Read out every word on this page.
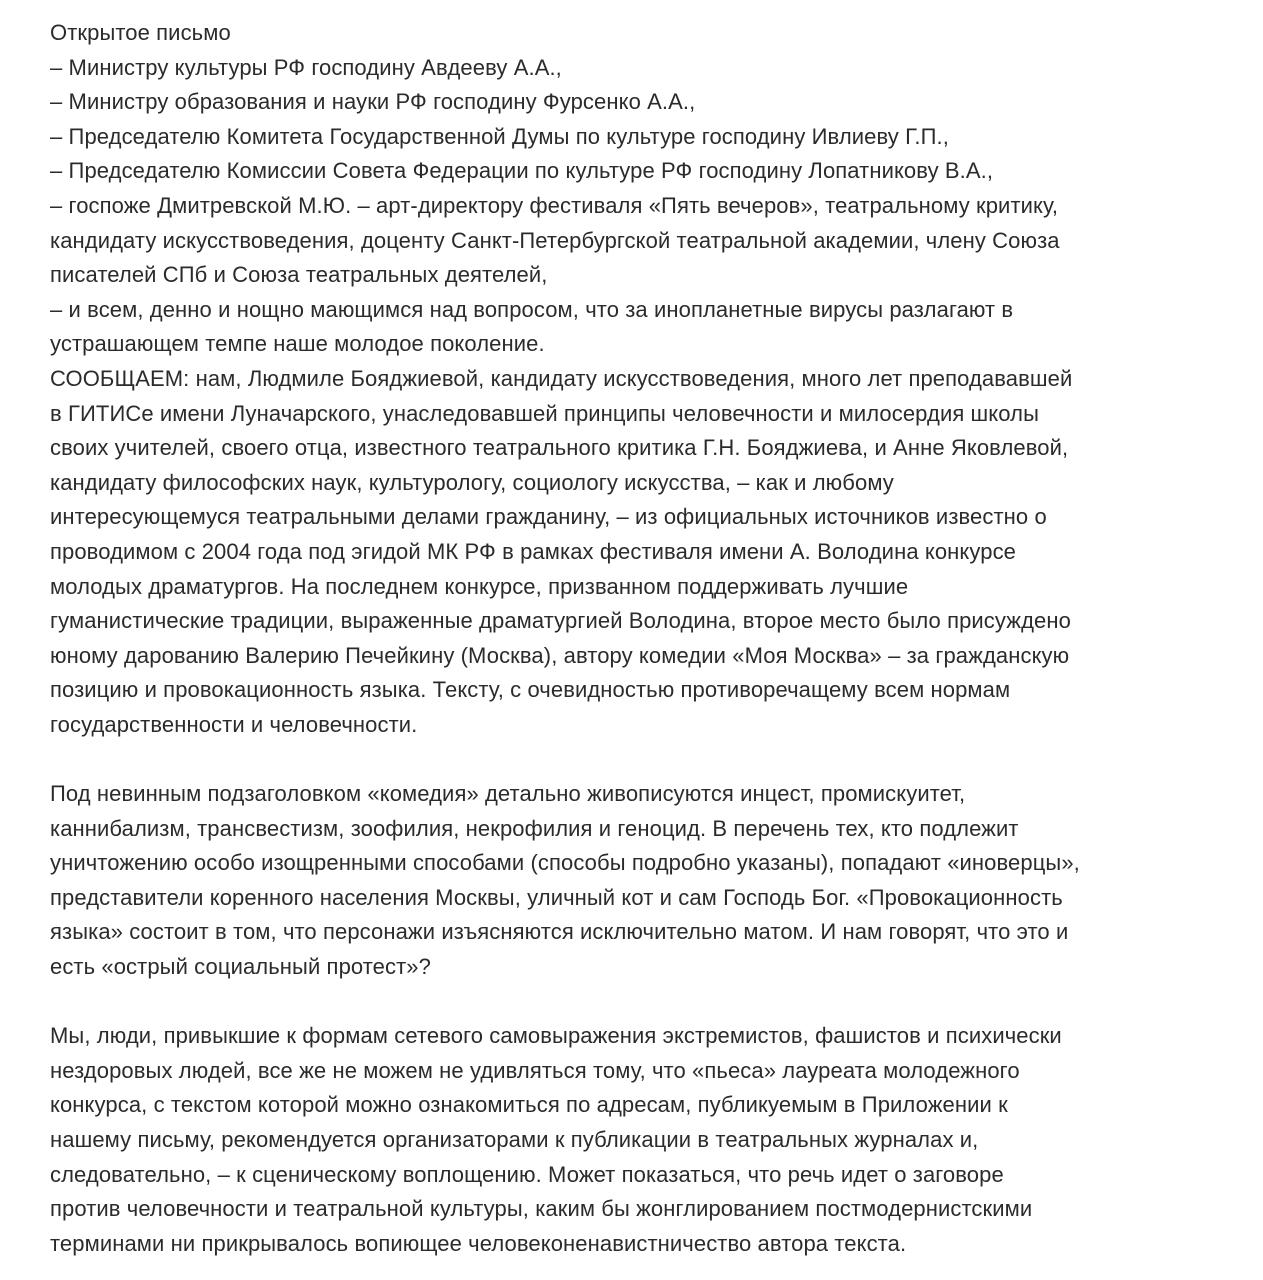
Открытое письмо
– Министру культуры РФ господину Авдееву А.А.,
– Министру образования и науки РФ господину Фурсенко А.А.,
– Председателю Комитета Государственной Думы по культуре господину Ивлиеву Г.П.,
– Председателю Комиссии Совета Федерации по культуре РФ господину Лопатникову В.А.,
– госпоже Дмитревской М.Ю. – арт-директору фестиваля «Пять вечеров», театральному критику,
кандидату искусствоведения, доценту Санкт-Петербургской театральной академии, члену Союза
писателей СПб и Союза театральных деятелей,
– и всем, денно и нощно мающимся над вопросом, что за инопланетные вирусы разлагают в
устрашающем темпе наше молодое поколение.
СООБЩАЕМ: нам, Людмиле Бояджиевой, кандидату искусствоведения, много лет преподававшей
в ГИТИСе имени Луначарского, унаследовавшей принципы человечности и милосердия школы
своих учителей, своего отца, известного театрального критика Г.Н. Бояджиева, и Анне Яковлевой,
кандидату философских наук, культурологу, социологу искусства, – как и любому
интересующемуся театральными делами гражданину, – из официальных источников известно о
проводимом с 2004 года под эгидой МК РФ в рамках фестиваля имени А. Володина конкурсе
молодых драматургов. На последнем конкурсе, призванном поддерживать лучшие
гуманистические традиции, выраженные драматургией Володина, второе место было присуждено
юному дарованию Валерию Печейкину (Москва), автору комедии «Моя Москва» – за гражданскую
позицию и провокационность языка. Тексту, с очевидностью противоречащему всем нормам
государственности и человечности.
Под невинным подзаголовком «комедия» детально живописуются инцест, промискуитет,
каннибализм, трансвестизм, зоофилия, некрофилия и геноцид. В перечень тех, кто подлежит
уничтожению особо изощренными способами (способы подробно указаны), попадают «иноверцы»,
представители коренного населения Москвы, уличный кот и сам Господь Бог. «Провокационность
языка» состоит в том, что персонажи изъясняются исключительно матом. И нам говорят, что это и
есть «острый социальный протест»?
Мы, люди, привыкшие к формам сетевого самовыражения экстремистов, фашистов и психически
нездоровых людей, все же не можем не удивляться тому, что «пьеса» лауреата молодежного
конкурса, с текстом которой можно ознакомиться по адресам, публикуемым в Приложении к
нашему письму, рекомендуется организаторами к публикации в театральных журналах и,
следовательно, – к сценическому воплощению. Может показаться, что речь идет о заговоре
против человечности и театральной культуры, каким бы жонглированием постмодернистскими
терминами ни прикрывалось вопиющее человеконенавистничество автора текста.
